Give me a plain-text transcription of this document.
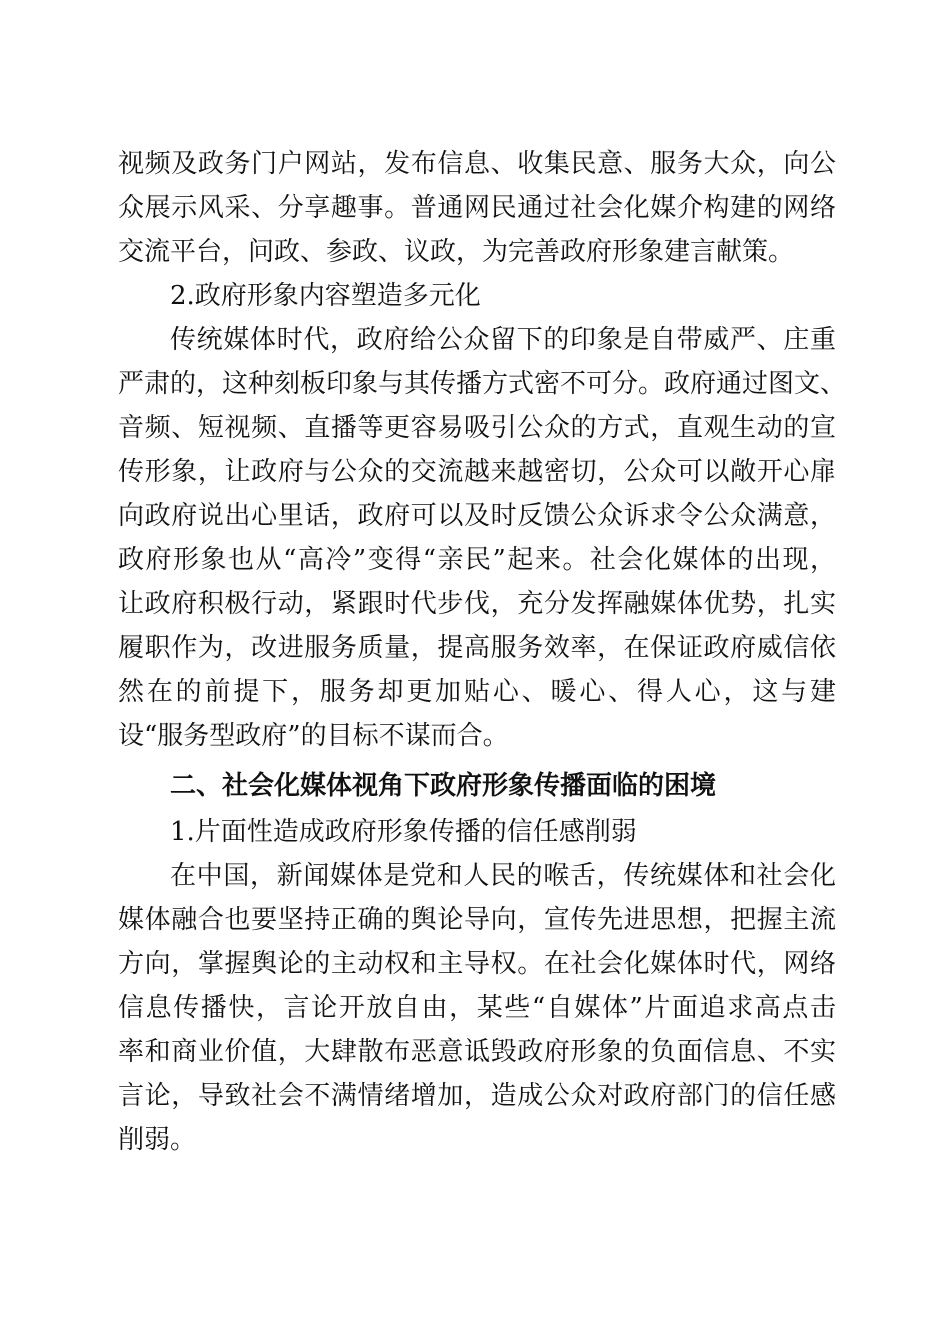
视频及政务门户网站，发布信息、收集民意、服务大众，向公
众展示风采、分享趣事。普通网民通过社会化媒介构建的网络
交流平台，问政、参政、议政，为完善政府形象建言献策。
2.政府形象内容塑造多元化
传统媒体时代，政府给公众留下的印象是自带威严、庄重
严肃的，这种刻板印象与其传播方式密不可分。政府通过图文、
音频、短视频、直播等更容易吸引公众的方式，直观生动的宣
传形象，让政府与公众的交流越来越密切，公众可以敞开心扉
向政府说出心里话，政府可以及时反馈公众诉求令公众满意，
政府形象也从“高冷”变得“亲民”起来。社会化媒体的出现，
让政府积极行动，紧跟时代步伐，充分发挥融媒体优势，扎实
履职作为，改进服务质量，提高服务效率，在保证政府威信依
然在的前提下，服务却更加贴心、暖心、得人心，这与建
设“服务型政府”的目标不谋而合。
二、社会化媒体视角下政府形象传播面临的困境
1.片面性造成政府形象传播的信任感削弱
在中国，新闻媒体是党和人民的喉舌，传统媒体和社会化
媒体融合也要坚持正确的舆论导向，宣传先进思想，把握主流
方向，掌握舆论的主动权和主导权。在社会化媒体时代，网络
信息传播快，言论开放自由，某些“自媒体”片面追求高点击
率和商业价值，大肆散布恶意诋毁政府形象的负面信息、不实
言论，导致社会不满情绪增加，造成公众对政府部门的信任感
削弱。
